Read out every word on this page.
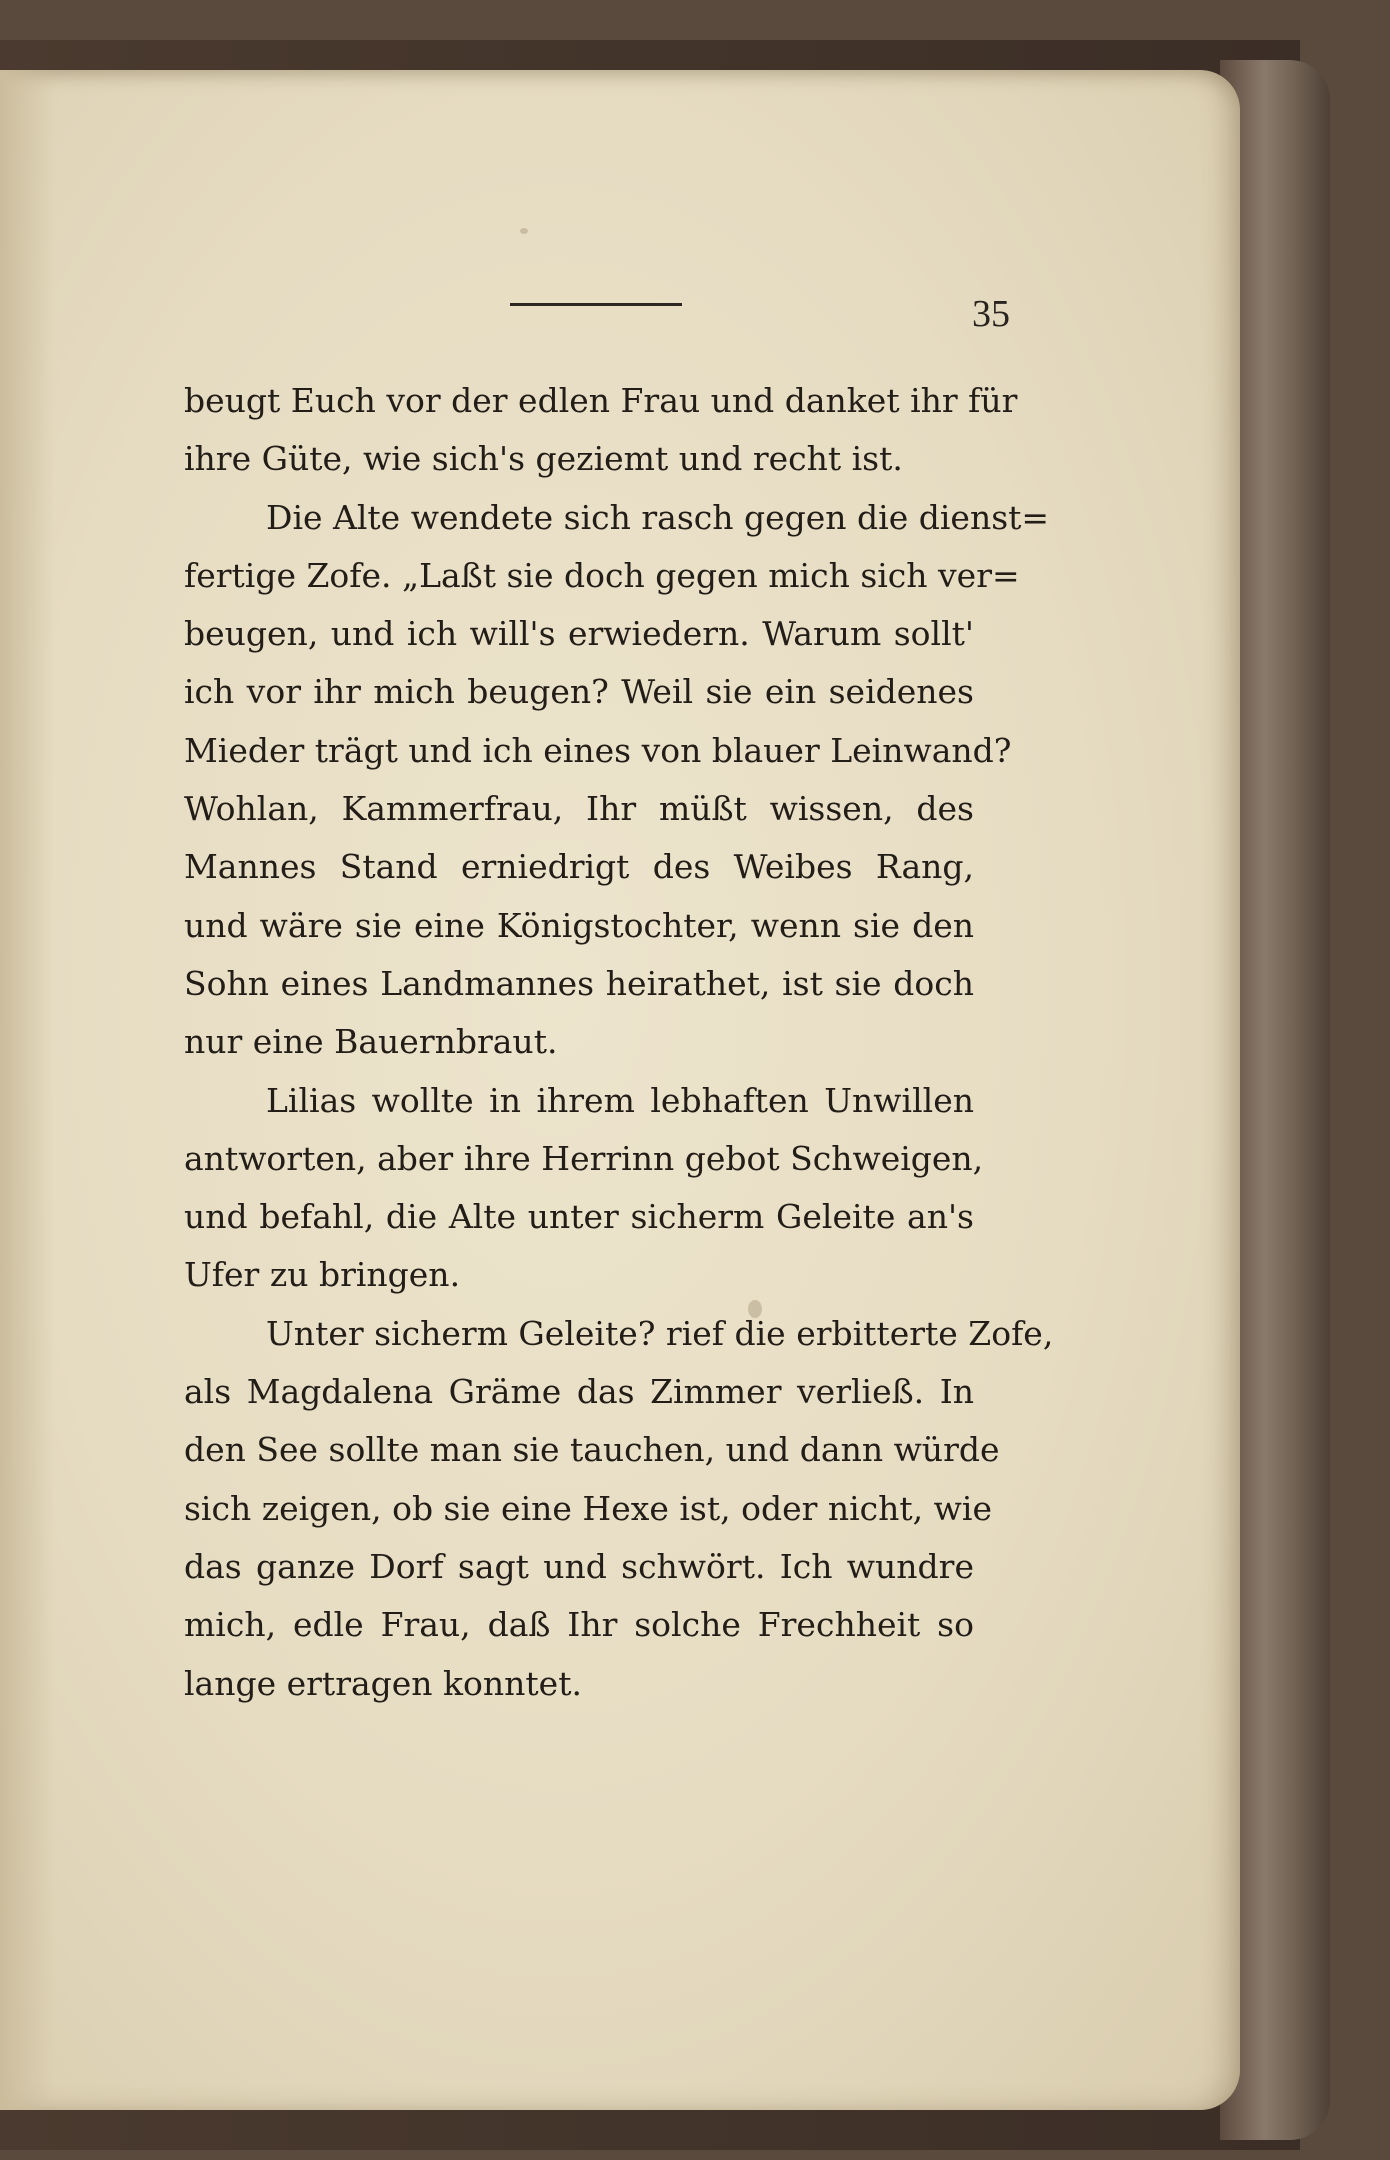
35
beugt Euch vor der edlen Frau und danket ihr für
ihre Güte, wie sich's geziemt und recht ist.
Die Alte wendete sich rasch gegen die dienst=
fertige Zofe. „Laßt sie doch gegen mich sich ver=
beugen, und ich will's erwiedern. Warum sollt'
ich vor ihr mich beugen? Weil sie ein seidenes
Mieder trägt und ich eines von blauer Leinwand?
Wohlan, Kammerfrau, Ihr müßt wissen, des
Mannes Stand erniedrigt des Weibes Rang,
und wäre sie eine Königstochter, wenn sie den
Sohn eines Landmannes heirathet, ist sie doch
nur eine Bauernbraut.
Lilias wollte in ihrem lebhaften Unwillen
antworten, aber ihre Herrinn gebot Schweigen,
und befahl, die Alte unter sicherm Geleite an's
Ufer zu bringen.
Unter sicherm Geleite? rief die erbitterte Zofe,
als Magdalena Gräme das Zimmer verließ. In
den See sollte man sie tauchen, und dann würde
sich zeigen, ob sie eine Hexe ist, oder nicht, wie
das ganze Dorf sagt und schwört. Ich wundre
mich, edle Frau, daß Ihr solche Frechheit so
lange ertragen konntet.
